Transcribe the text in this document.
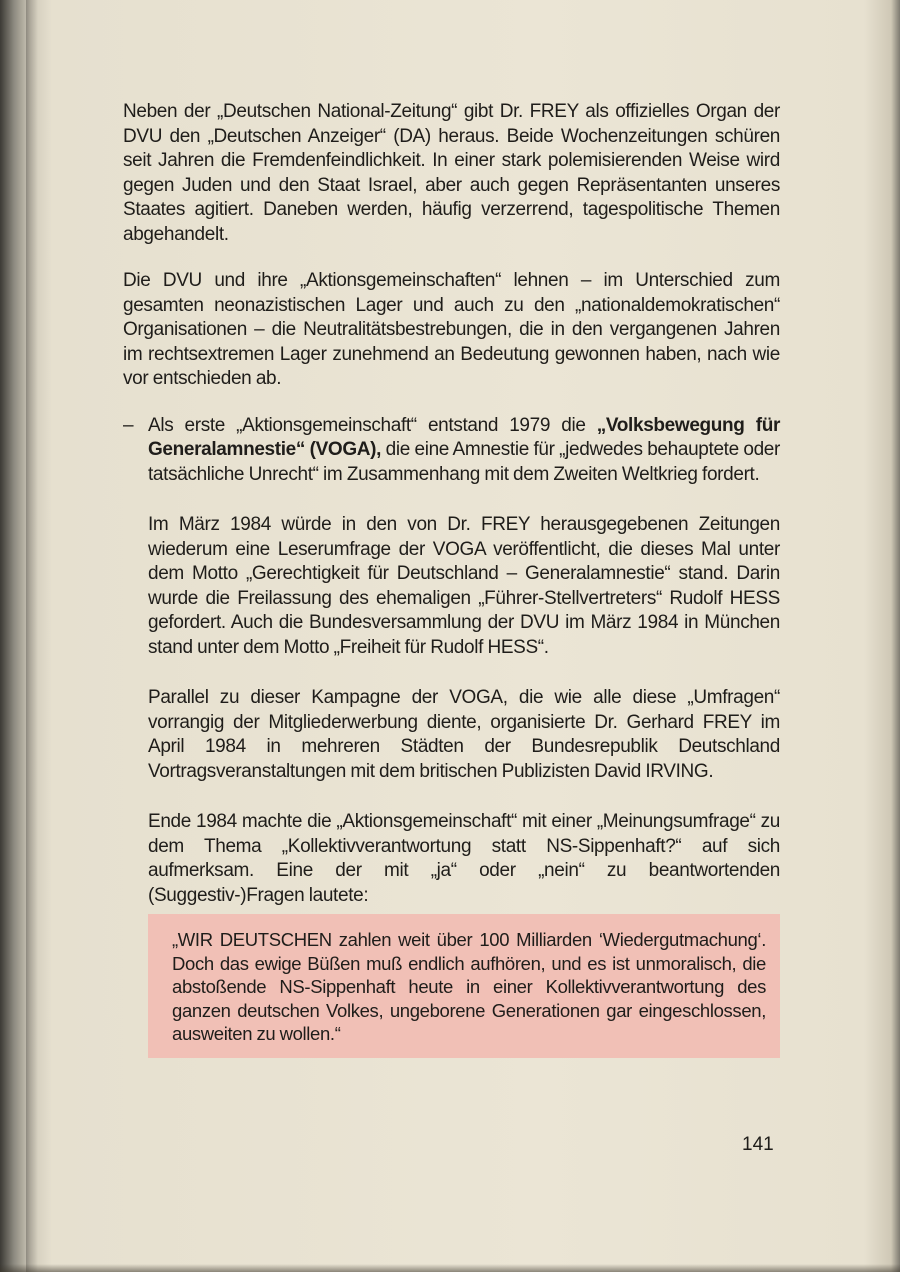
Neben der „Deutschen National-Zeitung“ gibt Dr. FREY als offizielles Organ der DVU den „Deutschen Anzeiger“ (DA) heraus. Beide Wochenzeitungen schüren seit Jahren die Fremdenfeindlichkeit. In einer stark polemisierenden Weise wird gegen Juden und den Staat Israel, aber auch gegen Repräsentanten unseres Staates agitiert. Daneben werden, häufig verzerrend, tagespolitische Themen abgehandelt.

Die DVU und ihre „Aktionsgemeinschaften“ lehnen – im Unterschied zum gesamten neonazistischen Lager und auch zu den „nationaldemokratischen“ Organisationen – die Neutralitätsbestrebungen, die in den vergangenen Jahren im rechtsextremen Lager zunehmend an Bedeutung gewonnen haben, nach wie vor entschieden ab.

– Als erste „Aktionsgemeinschaft“ entstand 1979 die „Volksbewegung für Generalamnestie“ (VOGA), die eine Amnestie für „jedwedes behauptete oder tatsächliche Unrecht“ im Zusammenhang mit dem Zweiten Weltkrieg fordert.

Im März 1984 würde in den von Dr. FREY herausgegebenen Zeitungen wiederum eine Leserumfrage der VOGA veröffentlicht, die dieses Mal unter dem Motto „Gerechtigkeit für Deutschland – Generalamnestie“ stand. Darin wurde die Freilassung des ehemaligen „Führer-Stellvertreters“ Rudolf HESS gefordert. Auch die Bundesversammlung der DVU im März 1984 in München stand unter dem Motto „Freiheit für Rudolf HESS“.

Parallel zu dieser Kampagne der VOGA, die wie alle diese „Umfragen“ vorrangig der Mitgliederwerbung diente, organisierte Dr. Gerhard FREY im April 1984 in mehreren Städten der Bundesrepublik Deutschland Vortragsveranstaltungen mit dem britischen Publizisten David IRVING.

Ende 1984 machte die „Aktionsgemeinschaft“ mit einer „Meinungsumfrage“ zu dem Thema „Kollektivverantwortung statt NS-Sippenhaft?“ auf sich aufmerksam. Eine der mit „ja“ oder „nein“ zu beantwortenden (Suggestiv-)Fragen lautete:

„WIR DEUTSCHEN zahlen weit über 100 Milliarden ‘Wiedergutmachung‘. Doch das ewige Büßen muß endlich aufhören, und es ist unmoralisch, die abstoßende NS-Sippenhaft heute in einer Kollektivverantwortung des ganzen deutschen Volkes, ungeborene Generationen gar eingeschlossen, ausweiten zu wollen.“
141
